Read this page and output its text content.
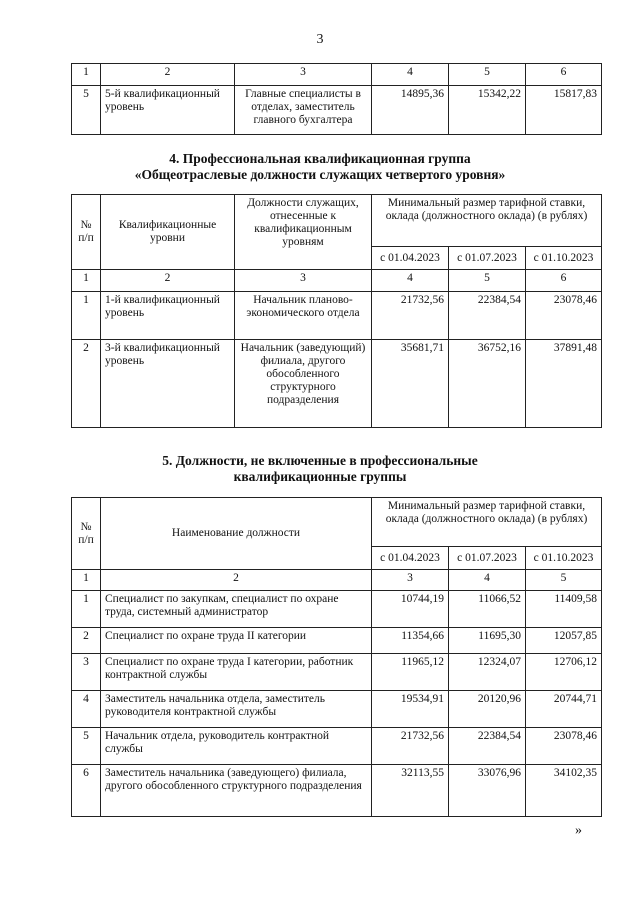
3
1	2	3	4	5	6
5	5-й квалификационный уровень	Главные специалисты в отделах, заместитель главного бухгалтера	14895,36	15342,22	15817,83
4. Профессиональная квалификационная группа
«Общеотраслевые должности служащих четвертого уровня»
№ п/п	Квалификационные уровни	Должности служащих, отнесенные к квалификационным уровням	Минимальный размер тарифной ставки, оклада (должностного оклада) (в рублях)		
			с 01.04.2023	с 01.07.2023	с 01.10.2023
1	2	3	4	5	6
1	1-й квалификационный уровень	Начальник планово-экономического отдела	21732,56	22384,54	23078,46
2	3-й квалификационный уровень	Начальник (заведующий) филиала, другого обособленного структурного подразделения	35681,71	36752,16	37891,48
5. Должности, не включенные в профессиональные
квалификационные группы
№ п/п	Наименование должности	Минимальный размер тарифной ставки, оклада (должностного оклада) (в рублях)		
		с 01.04.2023	с 01.07.2023	с 01.10.2023
1	2	3	4	5
1	Специалист по закупкам, специалист по охране труда, системный администратор	10744,19	11066,52	11409,58
2	Специалист по охране труда II категории	11354,66	11695,30	12057,85
3	Специалист по охране труда I категории, работник контрактной службы	11965,12	12324,07	12706,12
4	Заместитель начальника отдела, заместитель руководителя контрактной службы	19534,91	20120,96	20744,71
5	Начальник отдела, руководитель контрактной службы	21732,56	22384,54	23078,46
6	Заместитель начальника (заведующего) филиала, другого обособленного структурного подразделения	32113,55	33076,96	34102,35
»
